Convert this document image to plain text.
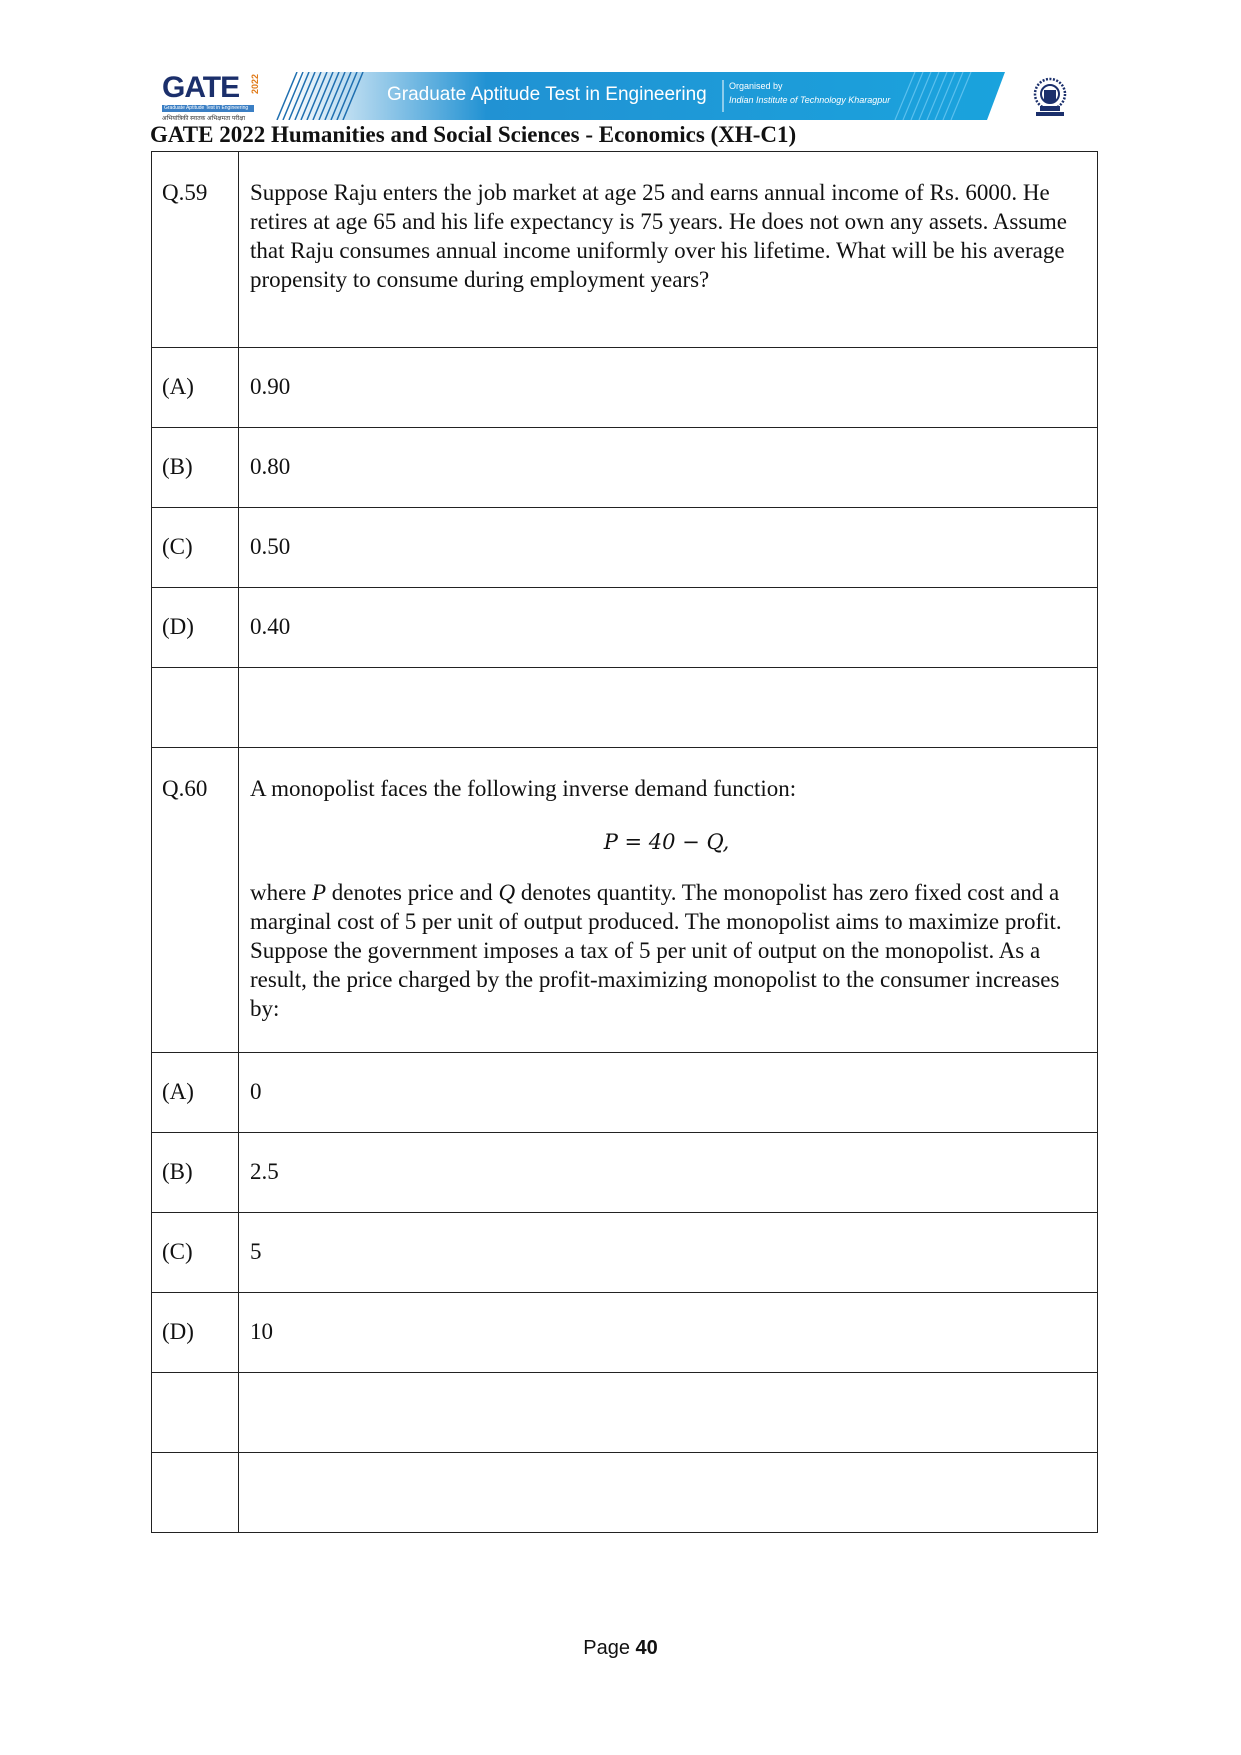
GATE 2022
Graduate Aptitude Test in Engineering
अभियांत्रिकी स्नातक अभिक्षमता परीक्षा
Graduate Aptitude Test in Engineering Organised by
Indian Institute of Technology Kharagpur
GATE 2022 Humanities and Social Sciences - Economics (XH-C1)
Q.59	Suppose Raju enters the job market at age 25 and earns annual income of Rs. 6000. He retires at age 65 and his life expectancy is 75 years. He does not own any assets. Assume that Raju consumes annual income uniformly over his lifetime. What will be his average propensity to consume during employment years?
(A)	0.90
(B)	0.80
(C)	0.50
(D)	0.40

Q.60	A monopolist faces the following inverse demand function:
P = 40 − Q,
where P denotes price and Q denotes quantity. The monopolist has zero fixed cost and a marginal cost of 5 per unit of output produced. The monopolist aims to maximize profit. Suppose the government imposes a tax of 5 per unit of output on the monopolist. As a result, the price charged by the profit-maximizing monopolist to the consumer increases by:

(A)	0
(B)	2.5
(C)	5
(D)	10

Page 40
